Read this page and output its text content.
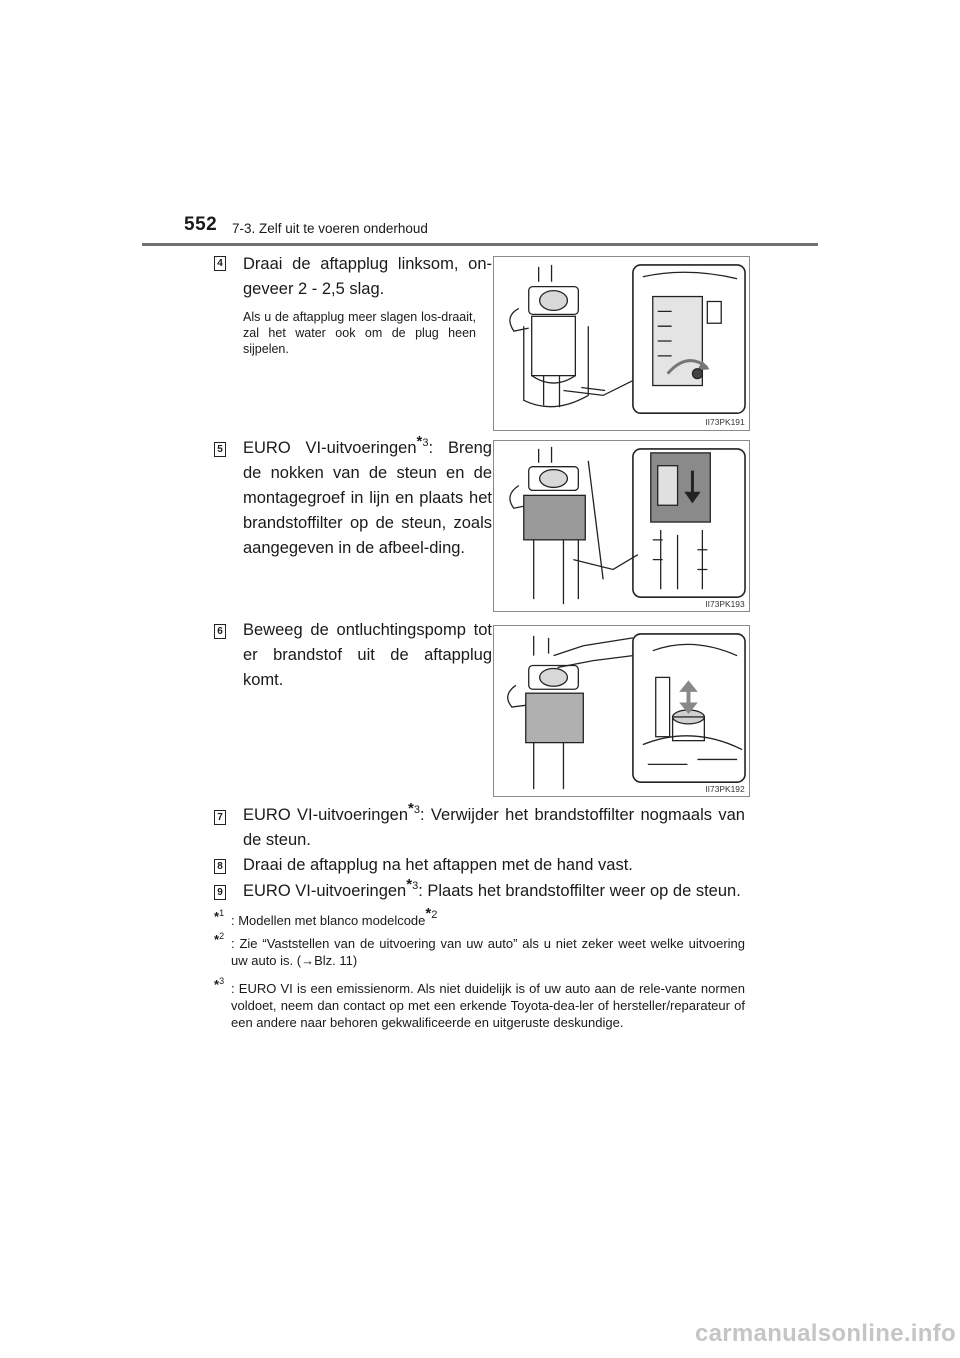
552 7-3. Zelf uit te voeren onderhoud
4 Draai de aftapplug linksom, on-geveer 2 - 2,5 slag.
Als u de aftapplug meer slagen los-draait, zal het water ook om de plug heen sijpelen.
II73PK191
5 EURO VI-uitvoeringen$^{*3}$: Breng de nokken van de steun en de montagegroef in lijn en plaats het brandstoffilter op de steun, zoals aangegeven in de afbeel-ding.
II73PK193
6 Beweeg de ontluchtingspomp tot er brandstof uit de aftapplug komt.
II73PK192
7 EURO VI-uitvoeringen$^{*3}$: Verwijder het brandstoffilter nogmaals van de steun.
8 Draai de aftapplug na het aftappen met de hand vast.
9 EURO VI-uitvoeringen$^{*3}$: Plaats het brandstoffilter weer op de steun.
*$^1$ : Modellen met blanco modelcode$^{*2}$
*$^2$ : Zie “Vaststellen van de uitvoering van uw auto” als u niet zeker weet welke uitvoering uw auto is. (→Blz. 11)
*$^3$ : EURO VI is een emissienorm. Als niet duidelijk is of uw auto aan de rele-vante normen voldoet, neem dan contact op met een erkende Toyota-dea-ler of hersteller/reparateur of een andere naar behoren gekwalificeerde en uitgeruste deskundige.
carmanualsonline.info
